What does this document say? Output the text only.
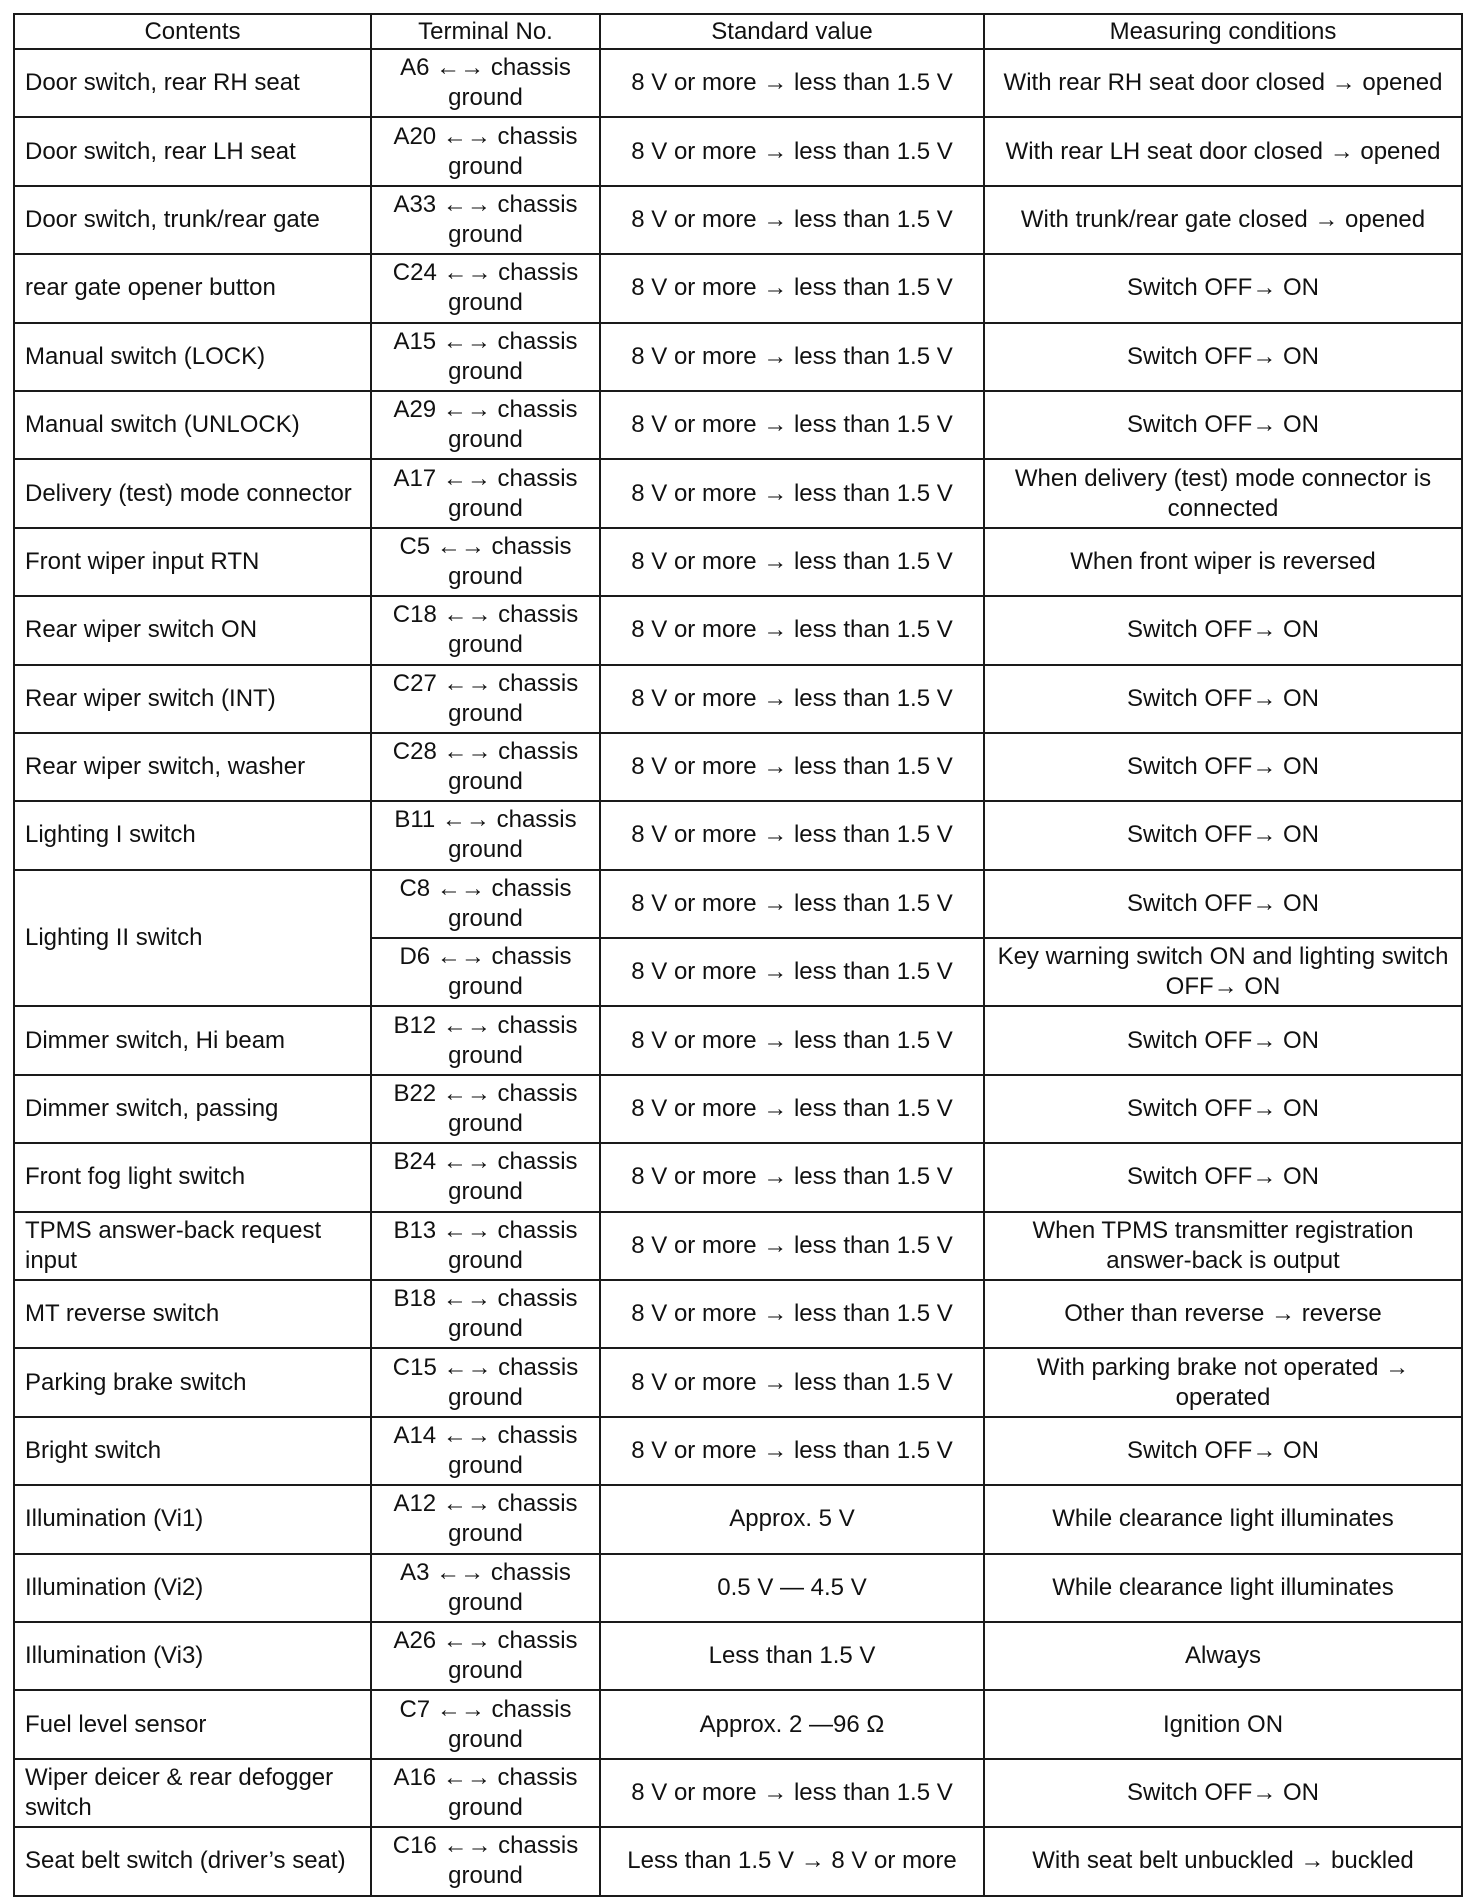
Contents	Terminal No.	Standard value	Measuring conditions
Door switch, rear RH seat	A6 ←→ chassis ground	8 V or more → less than 1.5 V	With rear RH seat door closed → opened
Door switch, rear LH seat	A20 ←→ chassis ground	8 V or more → less than 1.5 V	With rear LH seat door closed → opened
Door switch, trunk/rear gate	A33 ←→ chassis ground	8 V or more → less than 1.5 V	With trunk/rear gate closed → opened
rear gate opener button	C24 ←→ chassis ground	8 V or more → less than 1.5 V	Switch OFF→ ON
Manual switch (LOCK)	A15 ←→ chassis ground	8 V or more → less than 1.5 V	Switch OFF→ ON
Manual switch (UNLOCK)	A29 ←→ chassis ground	8 V or more → less than 1.5 V	Switch OFF→ ON
Delivery (test) mode connector	A17 ←→ chassis ground	8 V or more → less than 1.5 V	When delivery (test) mode connector is connected
Front wiper input RTN	C5 ←→ chassis ground	8 V or more → less than 1.5 V	When front wiper is reversed
Rear wiper switch ON	C18 ←→ chassis ground	8 V or more → less than 1.5 V	Switch OFF→ ON
Rear wiper switch (INT)	C27 ←→ chassis ground	8 V or more → less than 1.5 V	Switch OFF→ ON
Rear wiper switch, washer	C28 ←→ chassis ground	8 V or more → less than 1.5 V	Switch OFF→ ON
Lighting I switch	B11 ←→ chassis ground	8 V or more → less than 1.5 V	Switch OFF→ ON
Lighting II switch	C8 ←→ chassis ground	8 V or more → less than 1.5 V	Switch OFF→ ON
	D6 ←→ chassis ground	8 V or more → less than 1.5 V	Key warning switch ON and lighting switch OFF→ ON
Dimmer switch, Hi beam	B12 ←→ chassis ground	8 V or more → less than 1.5 V	Switch OFF→ ON
Dimmer switch, passing	B22 ←→ chassis ground	8 V or more → less than 1.5 V	Switch OFF→ ON
Front fog light switch	B24 ←→ chassis ground	8 V or more → less than 1.5 V	Switch OFF→ ON
TPMS answer-back request input	B13 ←→ chassis ground	8 V or more → less than 1.5 V	When TPMS transmitter registration answer-back is output
MT reverse switch	B18 ←→ chassis ground	8 V or more → less than 1.5 V	Other than reverse → reverse
Parking brake switch	C15 ←→ chassis ground	8 V or more → less than 1.5 V	With parking brake not operated → operated
Bright switch	A14 ←→ chassis ground	8 V or more → less than 1.5 V	Switch OFF→ ON
Illumination (Vi1)	A12 ←→ chassis ground	Approx. 5 V	While clearance light illuminates
Illumination (Vi2)	A3 ←→ chassis ground	0.5 V — 4.5 V	While clearance light illuminates
Illumination (Vi3)	A26 ←→ chassis ground	Less than 1.5 V	Always
Fuel level sensor	C7 ←→ chassis ground	Approx. 2 —96 Ω	Ignition ON
Wiper deicer & rear defogger switch	A16 ←→ chassis ground	8 V or more → less than 1.5 V	Switch OFF→ ON
Seat belt switch (driver’s seat)	C16 ←→ chassis ground	Less than 1.5 V → 8 V or more	With seat belt unbuckled → buckled
